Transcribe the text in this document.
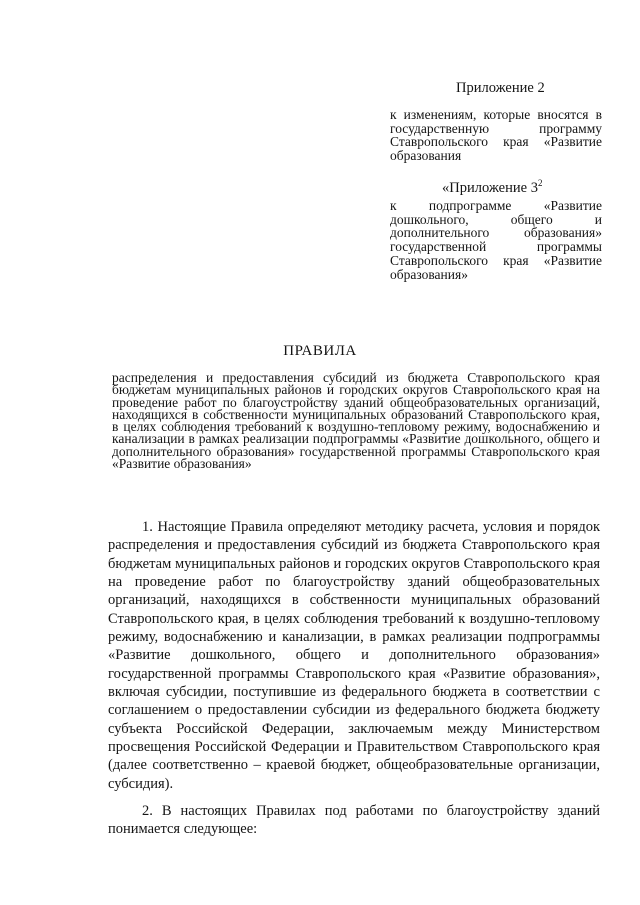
Приложение 2
к изменениям, которые вносятся в государственную программу Ставропольского края «Развитие образования
«Приложение $3^2$
к подпрограмме «Развитие дошкольного, общего и дополнительного образования» государственной программы Ставропольского края «Развитие образования»
ПРАВИЛА
распределения и предоставления субсидий из бюджета Ставропольского края бюджетам муниципальных районов и городских округов Ставропольского края на проведение работ по благоустройству зданий общеобразовательных организаций, находящихся в собственности муниципальных образований Ставропольского края, в целях соблюдения требований к воздушно-тепловому режиму, водоснабжению и канализации в рамках реализации подпрограммы «Развитие дошкольного, общего и дополнительного образования» государственной программы Ставропольского края «Развитие образования»

1. Настоящие Правила определяют методику расчета, условия и порядок распределения и предоставления субсидий из бюджета Ставропольского края бюджетам муниципальных районов и городских округов Ставропольского края на проведение работ по благоустройству зданий общеобразовательных организаций, находящихся в собственности муниципальных образований Ставропольского края, в целях соблюдения требований к воздушно-тепловому режиму, водоснабжению и канализации, в рамках реализации подпрограммы «Развитие дошкольного, общего и дополнительного образования» государственной программы Ставропольского края «Развитие образования», включая субсидии, поступившие из федерального бюджета в соответствии с соглашением о предоставлении субсидии из федерального бюджета бюджету субъекта Российской Федерации, заключаемым между Министерством просвещения Российской Федерации и Правительством Ставропольского края (далее соответственно – краевой бюджет, общеобразовательные организации, субсидия).

2. В настоящих Правилах под работами по благоустройству зданий понимается следующее:
